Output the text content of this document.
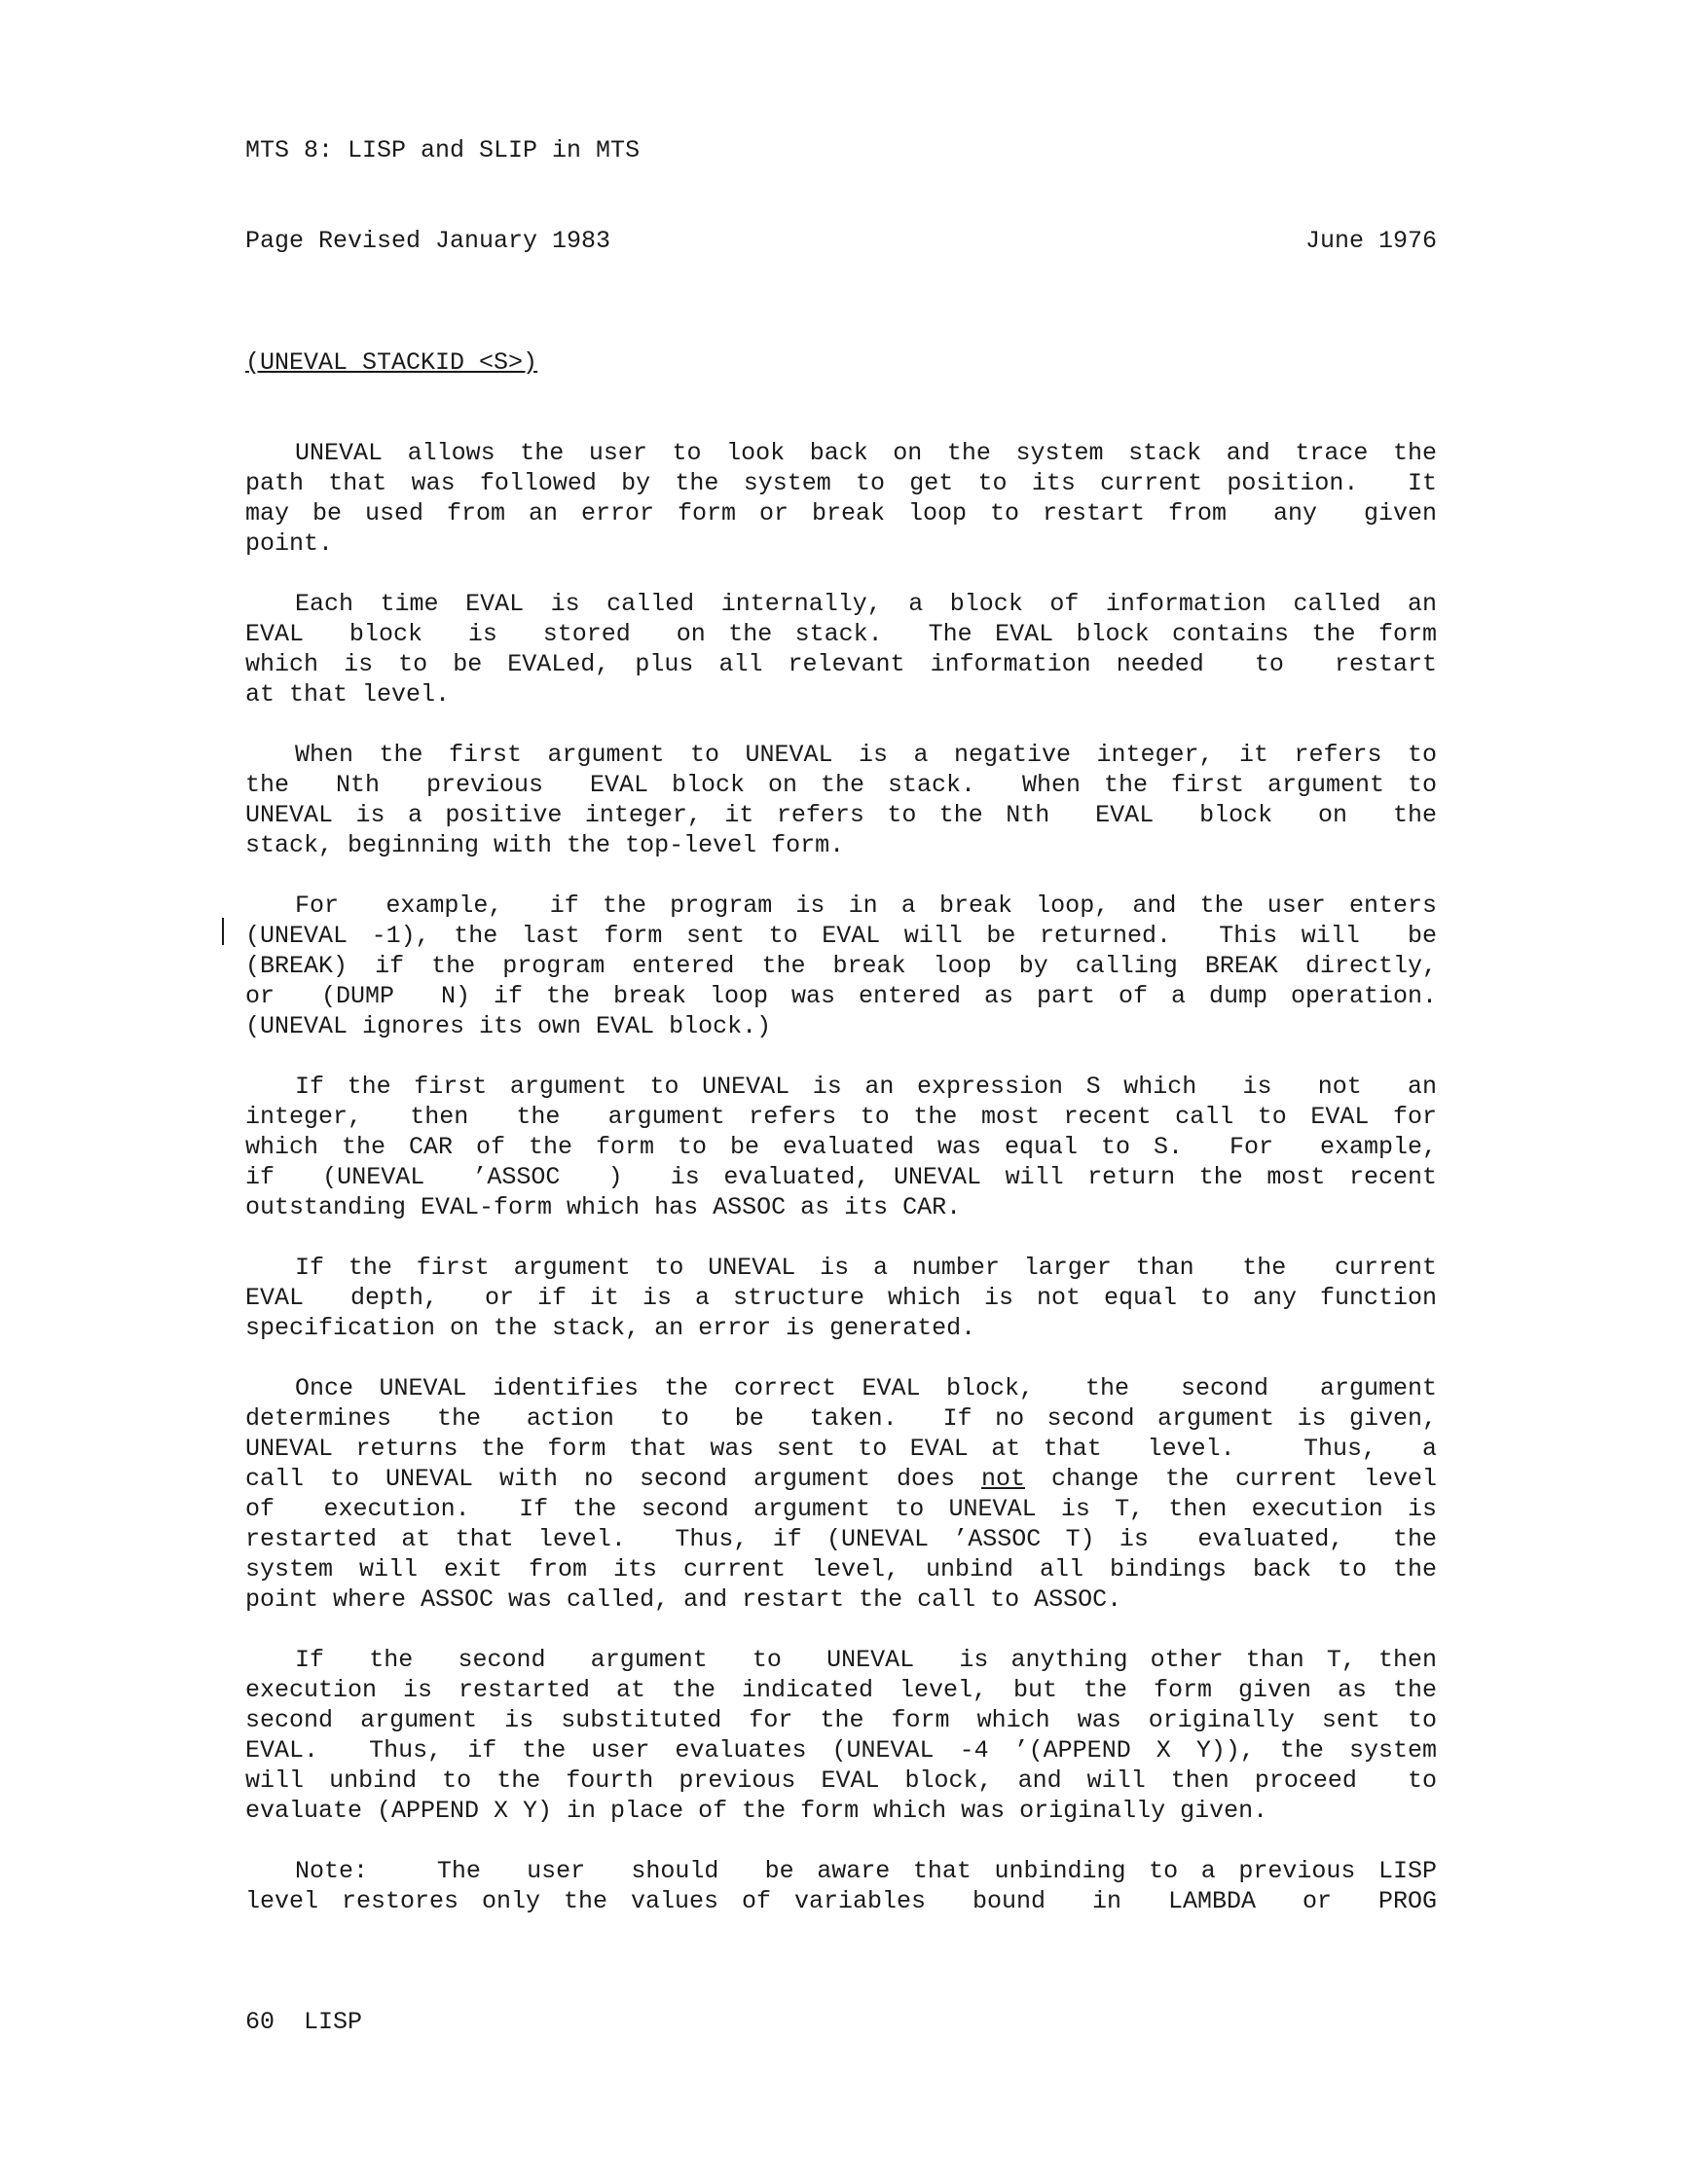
MTS 8: LISP and SLIP in MTS
Page Revised January 1983	June 1976
(UNEVAL STACKID <S>)
UNEVAL allows the user to look back on the system stack and trace the
path that was followed by the system to get to its current position.  It
may be used from an error form or break loop to restart from  any  given
point.
Each time EVAL is called internally, a block of information called an
EVAL  block  is  stored  on the stack.  The EVAL block contains the form
which is to be EVALed, plus all relevant information needed  to  restart
at that level.
When the first argument to UNEVAL is a negative integer, it refers to
the  Nth  previous  EVAL block on the stack.  When the first argument to
UNEVAL is a positive integer, it refers to the Nth  EVAL  block  on  the
stack, beginning with the top-level form.
For  example,  if the program is in a break loop, and the user enters
(UNEVAL -1), the last form sent to EVAL will be returned.  This will  be
(BREAK) if the program entered the break loop by calling BREAK directly,
or  (DUMP  N) if the break loop was entered as part of a dump operation.
(UNEVAL ignores its own EVAL block.)
If the first argument to UNEVAL is an expression S which  is  not  an
integer,  then  the  argument refers to the most recent call to EVAL for
which the CAR of the form to be evaluated was equal to S.  For  example,
if  (UNEVAL  ’ASSOC  )  is evaluated, UNEVAL will return the most recent
outstanding EVAL-form which has ASSOC as its CAR.
If the first argument to UNEVAL is a number larger than  the  current
EVAL  depth,  or if it is a structure which is not equal to any function
specification on the stack, an error is generated.
Once UNEVAL identifies the correct EVAL block,  the  second  argument
determines  the  action  to  be  taken.  If no second argument is given,
UNEVAL returns the form that was sent to EVAL at that  level.   Thus,  a
call to UNEVAL with no second argument does not change the current level
of  execution.  If the second argument to UNEVAL is T, then execution is
restarted at that level.  Thus, if (UNEVAL ’ASSOC T) is  evaluated,  the
system will exit from its current level, unbind all bindings back to the
point where ASSOC was called, and restart the call to ASSOC.
If  the  second  argument  to  UNEVAL  is anything other than T, then
execution is restarted at the indicated level, but the form given as the
second argument is substituted for the form which was originally sent to
EVAL.  Thus, if the user evaluates (UNEVAL -4 ’(APPEND X Y)), the system
will unbind to the fourth previous EVAL block, and will then proceed  to
evaluate (APPEND X Y) in place of the form which was originally given.
Note:   The  user  should  be aware that unbinding to a previous LISP
level restores only the values of variables  bound  in  LAMBDA  or  PROG
60  LISP
